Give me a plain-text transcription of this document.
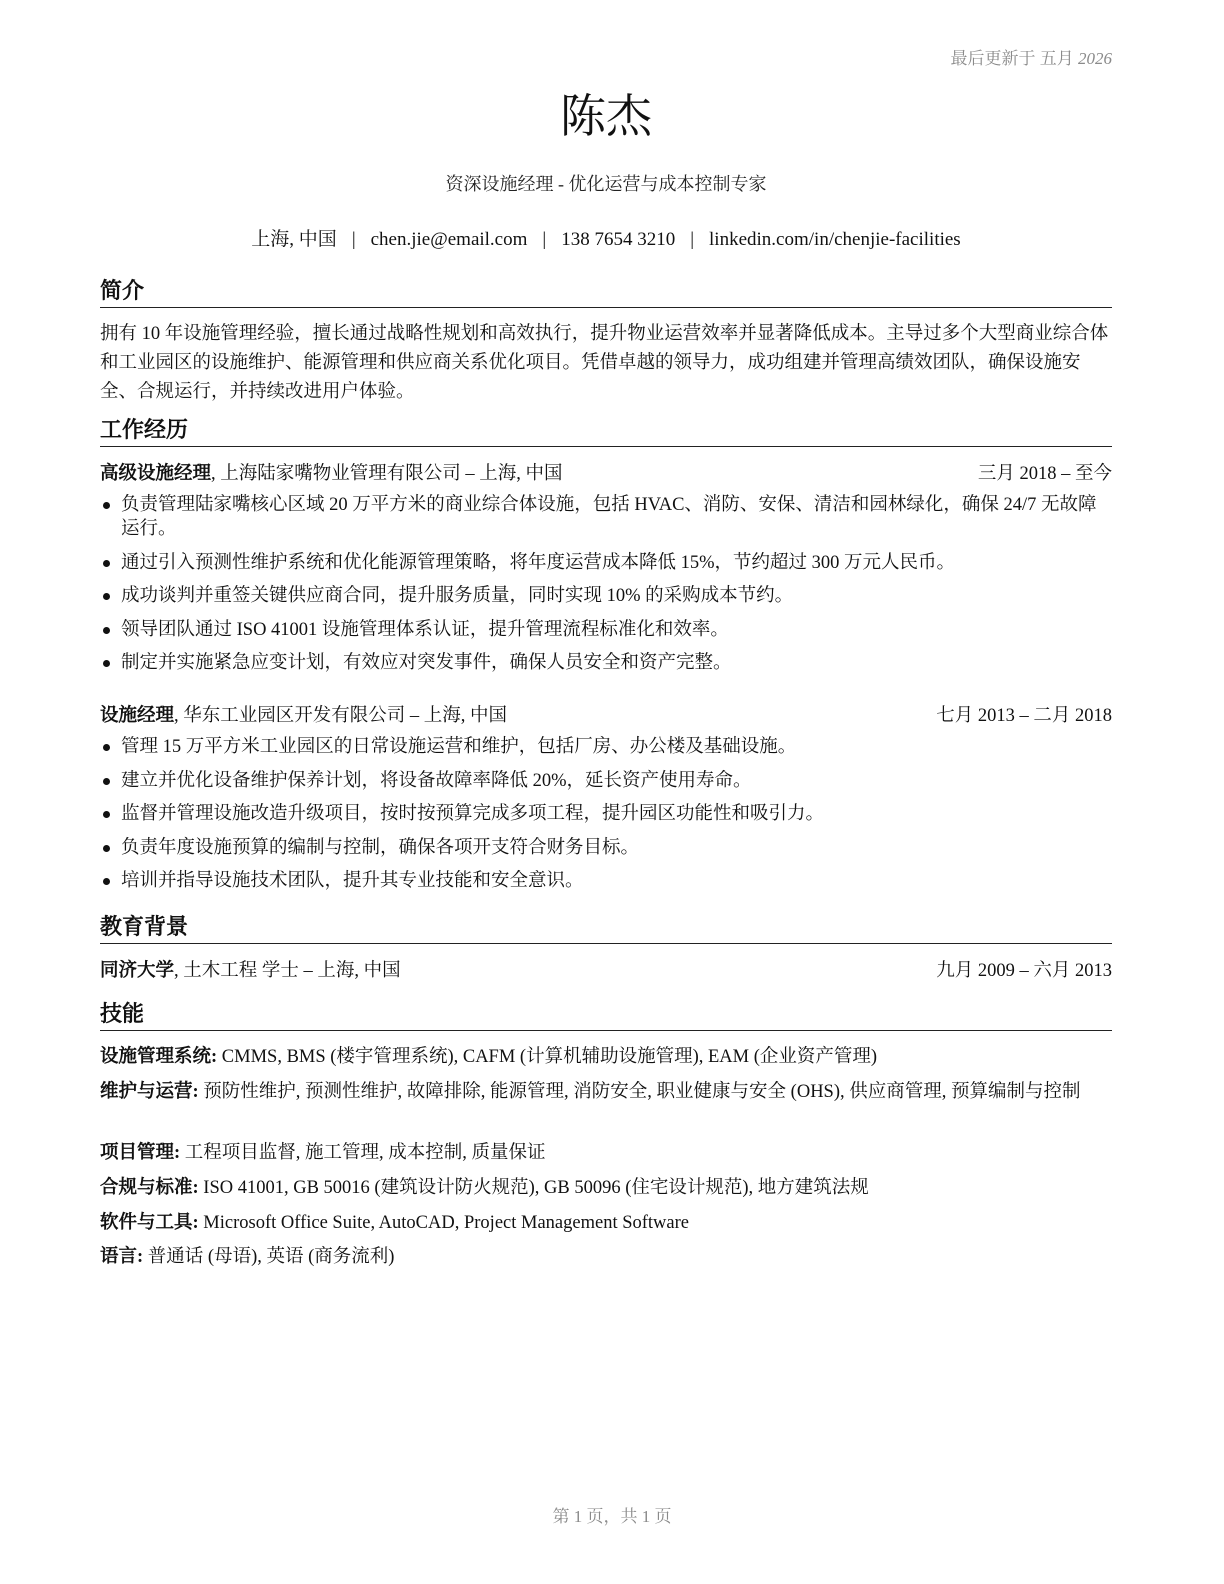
最后更新于 五月 2026
陈杰
资深设施经理 - 优化运营与成本控制专家
上海, 中国 | chen.jie@email.com | 138 7654 3210 | linkedin.com/in/chenjie-facilities
简介
拥有 10 年设施管理经验，擅长通过战略性规划和高效执行，提升物业运营效率并显著降低成本。主导过多个大型商业综合体和工业园区的设施维护、能源管理和供应商关系优化项目。凭借卓越的领导力，成功组建并管理高绩效团队，确保设施安全、合规运行，并持续改进用户体验。
工作经历
高级设施经理, 上海陆家嘴物业管理有限公司 – 上海, 中国	三月 2018 – 至今
负责管理陆家嘴核心区域 20 万平方米的商业综合体设施，包括 HVAC、消防、安保、清洁和园林绿化，确保 24/7 无故障运行。
通过引入预测性维护系统和优化能源管理策略，将年度运营成本降低 15%，节约超过 300 万元人民币。
成功谈判并重签关键供应商合同，提升服务质量，同时实现 10% 的采购成本节约。
领导团队通过 ISO 41001 设施管理体系认证，提升管理流程标准化和效率。
制定并实施紧急应变计划，有效应对突发事件，确保人员安全和资产完整。
设施经理, 华东工业园区开发有限公司 – 上海, 中国	七月 2013 – 二月 2018
管理 15 万平方米工业园区的日常设施运营和维护，包括厂房、办公楼及基础设施。
建立并优化设备维护保养计划，将设备故障率降低 20%，延长资产使用寿命。
监督并管理设施改造升级项目，按时按预算完成多项工程，提升园区功能性和吸引力。
负责年度设施预算的编制与控制，确保各项开支符合财务目标。
培训并指导设施技术团队，提升其专业技能和安全意识。
教育背景
同济大学, 土木工程 学士 – 上海, 中国	九月 2009 – 六月 2013
技能
设施管理系统: CMMS, BMS (楼宇管理系统), CAFM (计算机辅助设施管理), EAM (企业资产管理)
维护与运营: 预防性维护, 预测性维护, 故障排除, 能源管理, 消防安全, 职业健康与安全 (OHS), 供应商管理, 预算编制与控制
项目管理: 工程项目监督, 施工管理, 成本控制, 质量保证
合规与标准: ISO 41001, GB 50016 (建筑设计防火规范), GB 50096 (住宅设计规范), 地方建筑法规
软件与工具: Microsoft Office Suite, AutoCAD, Project Management Software
语言: 普通话 (母语), 英语 (商务流利)
第 1 页，共 1 页
